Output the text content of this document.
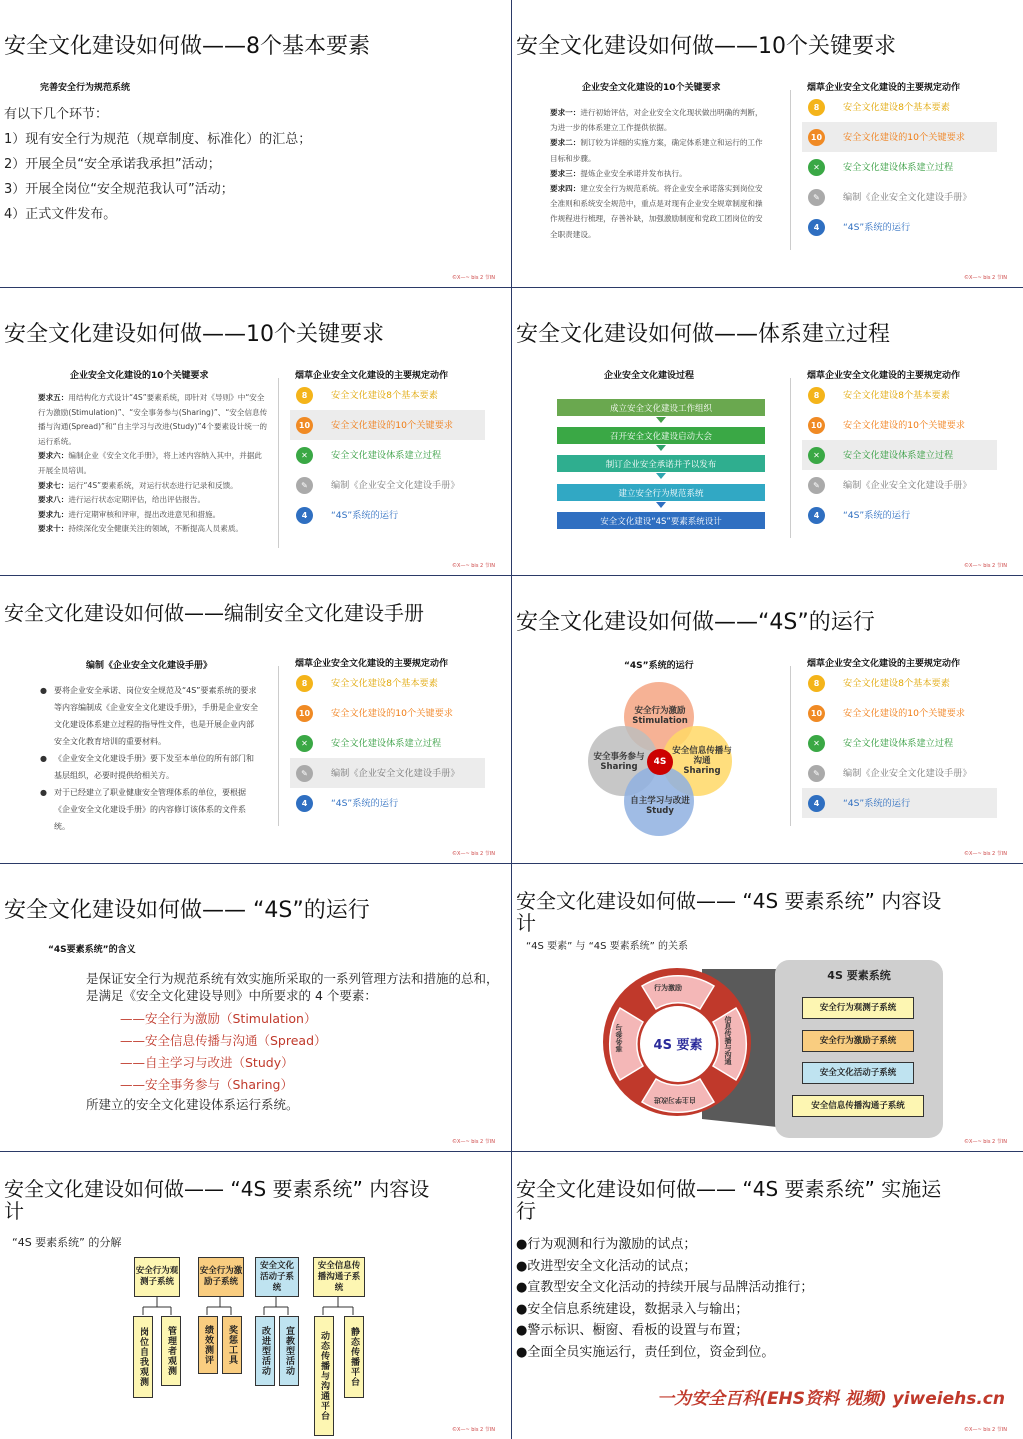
安全文化建设如何做——8个基本要素
完善安全行为规范系统
有以下几个环节：
1）现有安全行为规范（规章制度、标准化）的汇总；
2）开展全员“安全承诺我承担”活动；
3）开展全岗位“安全规范我认可”活动；
4）正式文件发布。
©X—~ bis 2 节IN
安全文化建设如何做——10个关键要求
企业安全文化建设的10个关键要求	烟草企业安全文化建设的主要规定动作
要求一：进行初始评估，对企业安全文化现状做出明确的判断，为进一步的体系建立工作提供依据。
要求二：制订较为详细的实施方案，确定体系建立和运行的工作目标和步骤。
要求三：提炼企业安全承诺并发布执行。
要求四：建立安全行为规范系统。将企业安全承诺落实到岗位安全准则和系统安全规范中，重点是对现有企业安全规章制度和操作规程进行梳理，存善补缺，加强激励制度和党政工团岗位的安全职责建设。
8	安全文化建设8个基本要素
10	安全文化建设的10个关键要求
✕	安全文化建设体系建立过程
✎	编制《企业安全文化建设手册》
4	“4S”系统的运行
©X—~ bis 2 节IN
安全文化建设如何做——10个关键要求
企业安全文化建设的10个关键要求	烟草企业安全文化建设的主要规定动作
要求五：用结构化方式设计“4S”要素系统，即针对《导则》中“安全行为激励(Stimulation)”、“安全事务参与(Sharing)”、“安全信息传播与沟通(Spread)”和“自主学习与改进(Study)”4个要素设计统一的运行系统。
要求六：编制企业《安全文化手册》，将上述内容纳入其中，并据此开展全员培训。
要求七：运行“4S”要素系统，对运行状态进行记录和反馈。
要求八：进行运行状态定期评估，给出评估报告。
要求九：进行定期审核和评审，提出改进意见和措施。
要求十：持续深化安全健康关注的领域，不断提高人员素质。
8	安全文化建设8个基本要素
10	安全文化建设的10个关键要求
✕	安全文化建设体系建立过程
✎	编制《企业安全文化建设手册》
4	“4S”系统的运行
©X—~ bis 2 节IN
安全文化建设如何做——体系建立过程
企业安全文化建设过程	烟草企业安全文化建设的主要规定动作
成立安全文化建设工作组织
召开安全文化建设启动大会
制订企业安全承诺并予以发布
建立安全行为规范系统
安全文化建设“4S”要素系统设计
8	安全文化建设8个基本要素
10	安全文化建设的10个关键要求
✕	安全文化建设体系建立过程
✎	编制《企业安全文化建设手册》
4	“4S”系统的运行
©X—~ bis 2 节IN
安全文化建设如何做——编制安全文化建设手册
编制《企业安全文化建设手册》	烟草企业安全文化建设的主要规定动作
● 要将企业安全承诺、岗位安全规范及“4S”要素系统的要求等内容编制成《企业安全文化建设手册》，手册是企业安全文化建设体系建立过程的指导性文件，也是开展企业内部安全文化教育培训的重要材料。
● 《企业安全文化建设手册》要下发至本单位的所有部门和基层组织，必要时提供给相关方。
● 对于已经建立了职业健康安全管理体系的单位，要根据《企业安全文化建设手册》的内容修订该体系的文件系统。
8	安全文化建设8个基本要素
10	安全文化建设的10个关键要求
✕	安全文化建设体系建立过程
✎	编制《企业安全文化建设手册》
4	“4S”系统的运行
©X—~ bis 2 节IN
安全文化建设如何做——“4S”的运行
“4S”系统的运行	烟草企业安全文化建设的主要规定动作
4S
安全行为激励
Stimulation
安全事务参与
Sharing
安全信息传播与沟通
Sharing
自主学习与改进
Study
8	安全文化建设8个基本要素
10	安全文化建设的10个关键要求
✕	安全文化建设体系建立过程
✎	编制《企业安全文化建设手册》
4	“4S”系统的运行
©X—~ bis 2 节IN
安全文化建设如何做—— “4S”的运行
“4S要素系统”的含义
是保证安全行为规范系统有效实施所采取的一系列管理方法和措施的总和，是满足《安全文化建设导则》中所要求的 4 个要素：
——安全行为激励（Stimulation）
——安全信息传播与沟通（Spread）
——自主学习与改进（Study）
——安全事务参与（Sharing）
所建立的安全文化建设体系运行系统。
©X—~ bis 2 节IN
安全文化建设如何做—— “4S 要素系统” 内容设计
“4S 要素” 与 “4S 要素系统” 的关系
4S 要素
行为激励
信息传播与沟通
自主学习改进
事务参与
4S 要素系统
安全行为观测子系统
安全行为激励子系统
安全文化活动子系统
安全信息传播沟通子系统
©X—~ bis 2 节IN
安全文化建设如何做—— “4S 要素系统” 内容设计
“4S 要素系统” 的分解
安全行为观测子系统
安全行为激励子系统
安全文化活动子系统
安全信息传播沟通子系统
岗位自我观测	管理者观测	绩效测评	奖惩工具	改进型活动	宣教型活动	动态传播与沟通平台	静态传播平台
©X—~ bis 2 节IN
安全文化建设如何做—— “4S 要素系统” 实施运行
●行为观测和行为激励的试点；
●改进型安全文化活动的试点；
●宣教型安全文化活动的持续开展与品牌活动推行；
●安全信息系统建设，数据录入与输出；
●警示标识、橱窗、看板的设置与布置；
●全面全员实施运行，责任到位，资金到位。
一为安全百科(EHS资料 视频) yiweiehs.cn
©X—~ bis 2 节IN
